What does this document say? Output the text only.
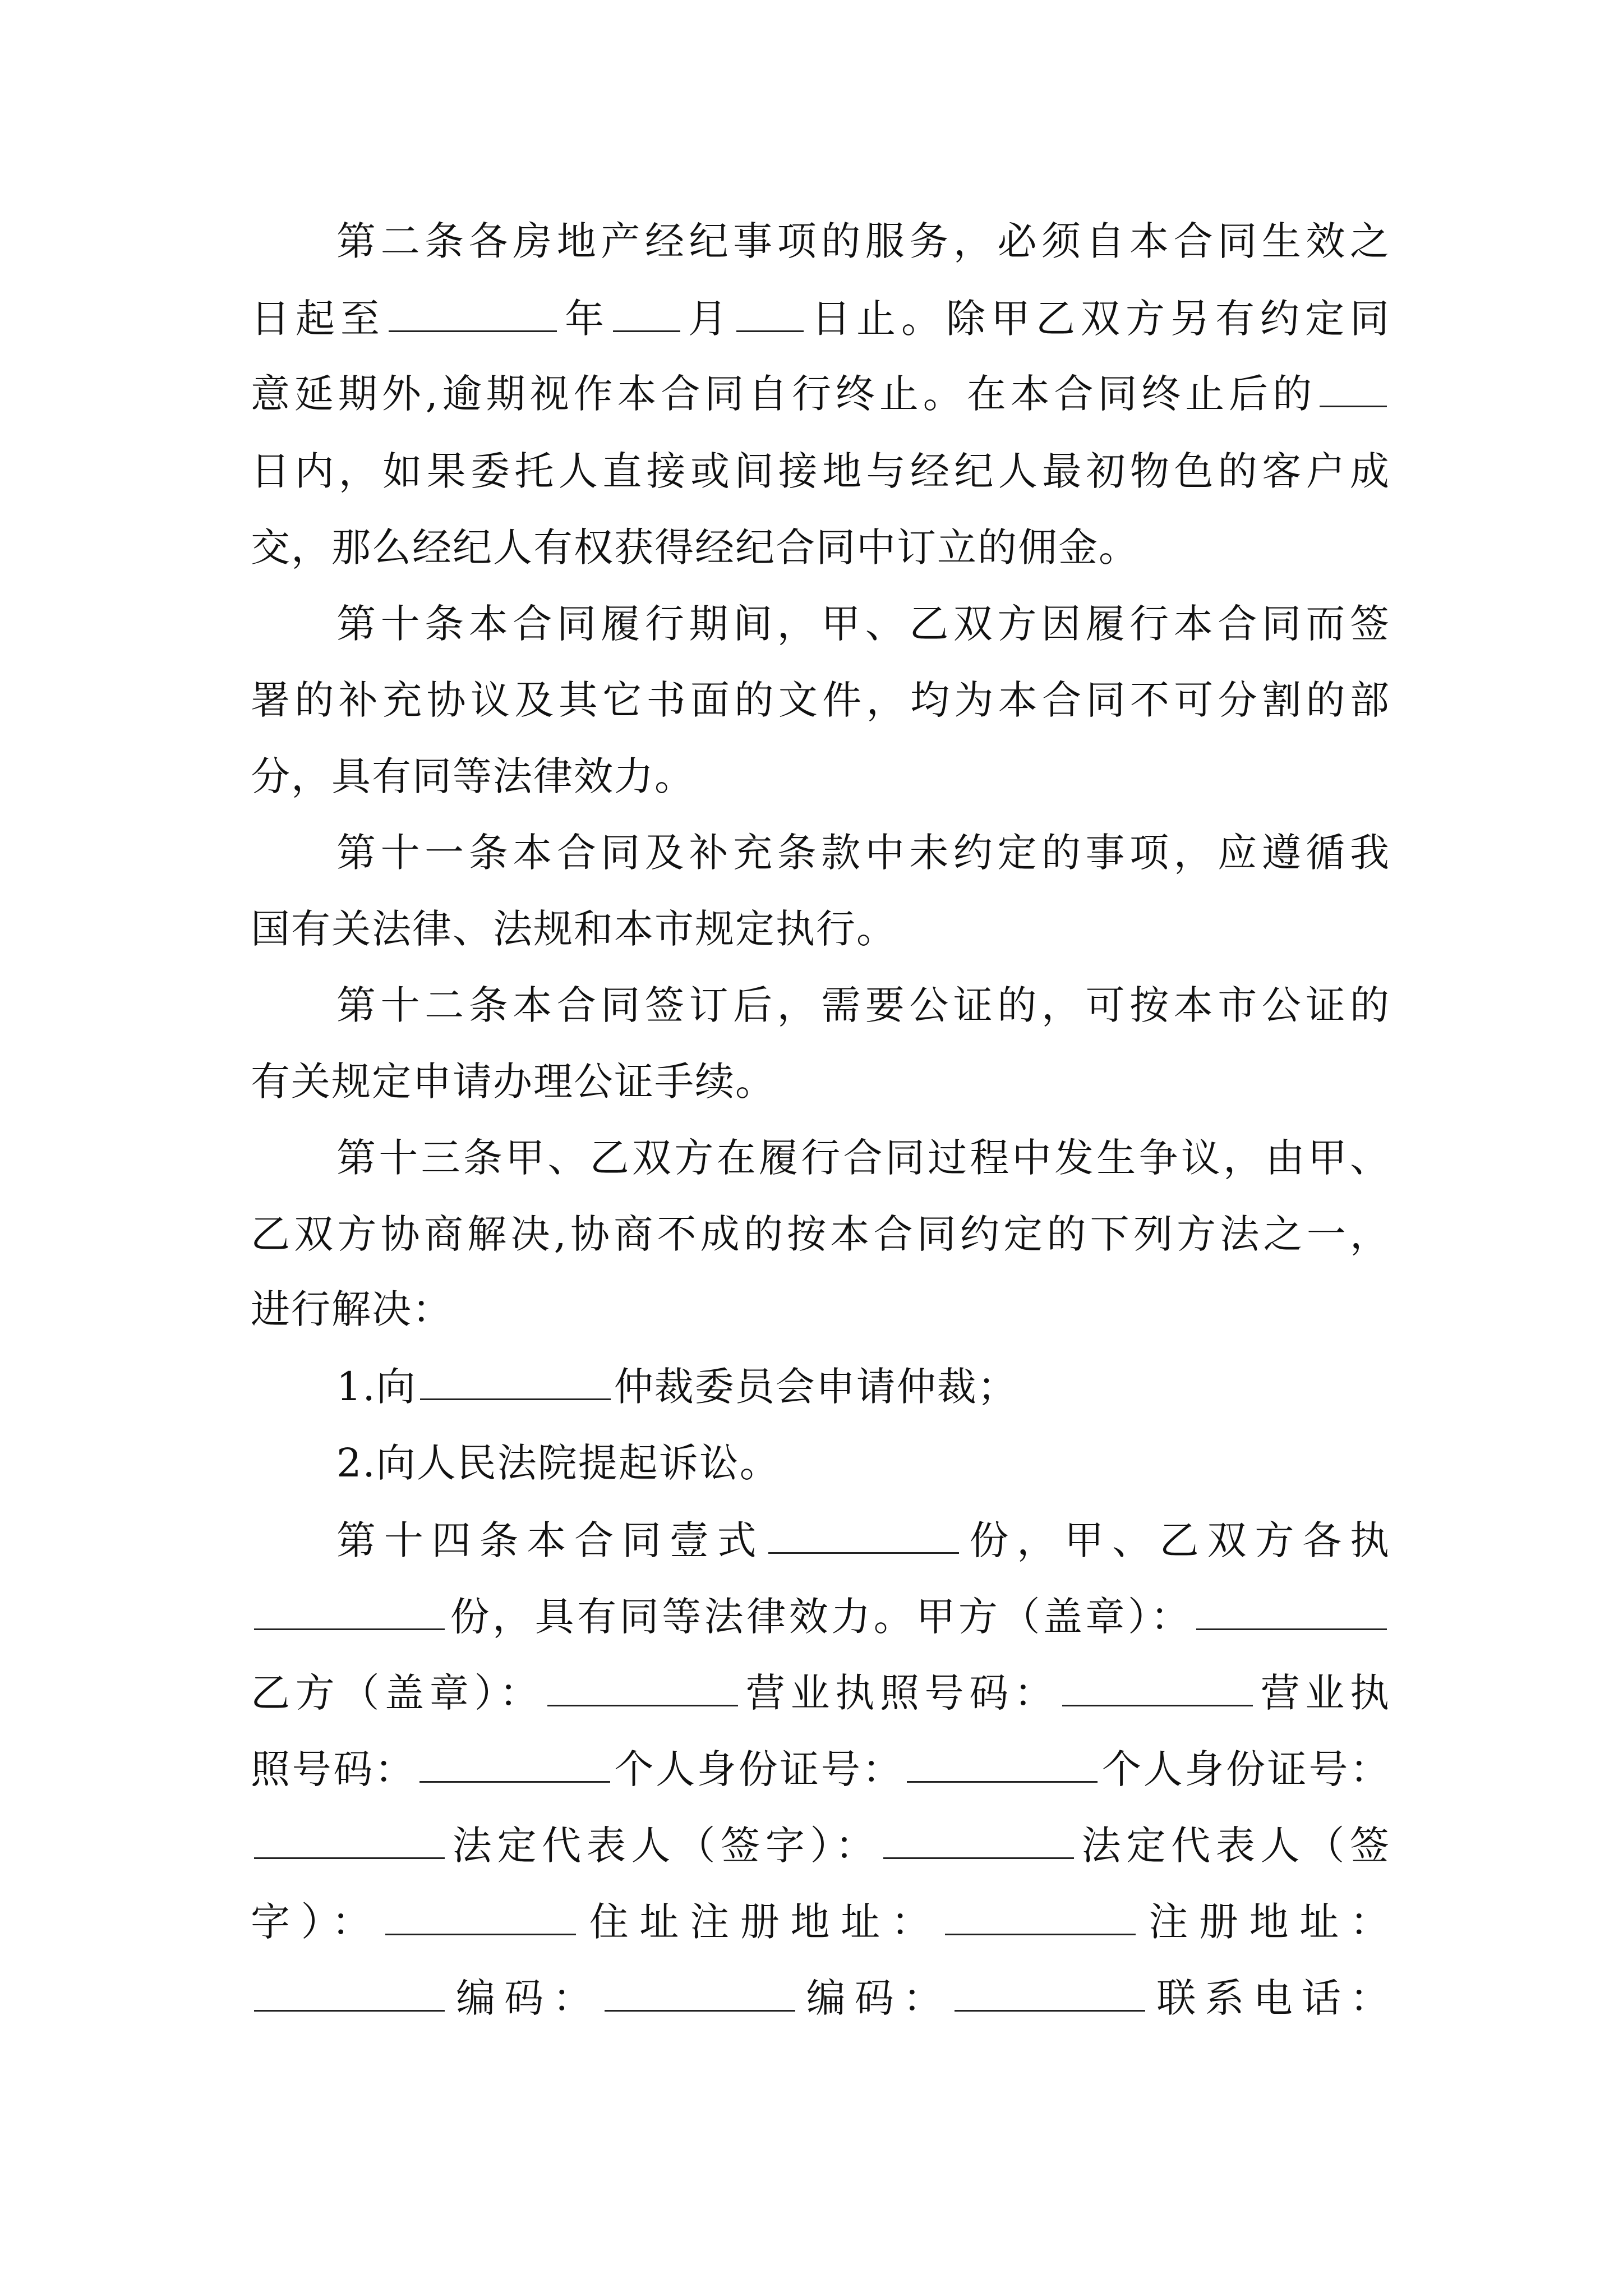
第二条各房地产经纪事项的服务，必须自本合同生效之
日起至	年 月 日止。除甲乙双方另有约定同
意延期外,逾期视作本合同自行终止。在本合同终止后的
日内，如果委托人直接或间接地与经纪人最初物色的客户成
交，那么经纪人有权获得经纪合同中订立的佣金。
第十条本合同履行期间，甲、乙双方因履行本合同而签
署的补充协议及其它书面的文件，均为本合同不可分割的部
分，具有同等法律效力。
第十一条本合同及补充条款中未约定的事项，应遵循我
国有关法律、法规和本市规定执行。
第十二条本合同签订后，需要公证的，可按本市公证的
有关规定申请办理公证手续。
第十三条甲、乙双方在履行合同过程中发生争议，由甲、
乙双方协商解决,协商不成的按本合同约定的下列方法之一，
进行解决：
1.向	仲裁委员会申请仲裁；
2.向人民法院提起诉讼。
第十四条本合同壹式	份，甲、乙双方各执
份，具有同等法律效力。甲方（盖章）：
乙方（盖章）：	营业执照号码：	营业执
照号码：	个人身份证号：	个人身份证号：
法定代表人（签字）：	法定代表人（签
字）：	住址注册地址：	注册地址：
编码：	编码：	联系电话：
